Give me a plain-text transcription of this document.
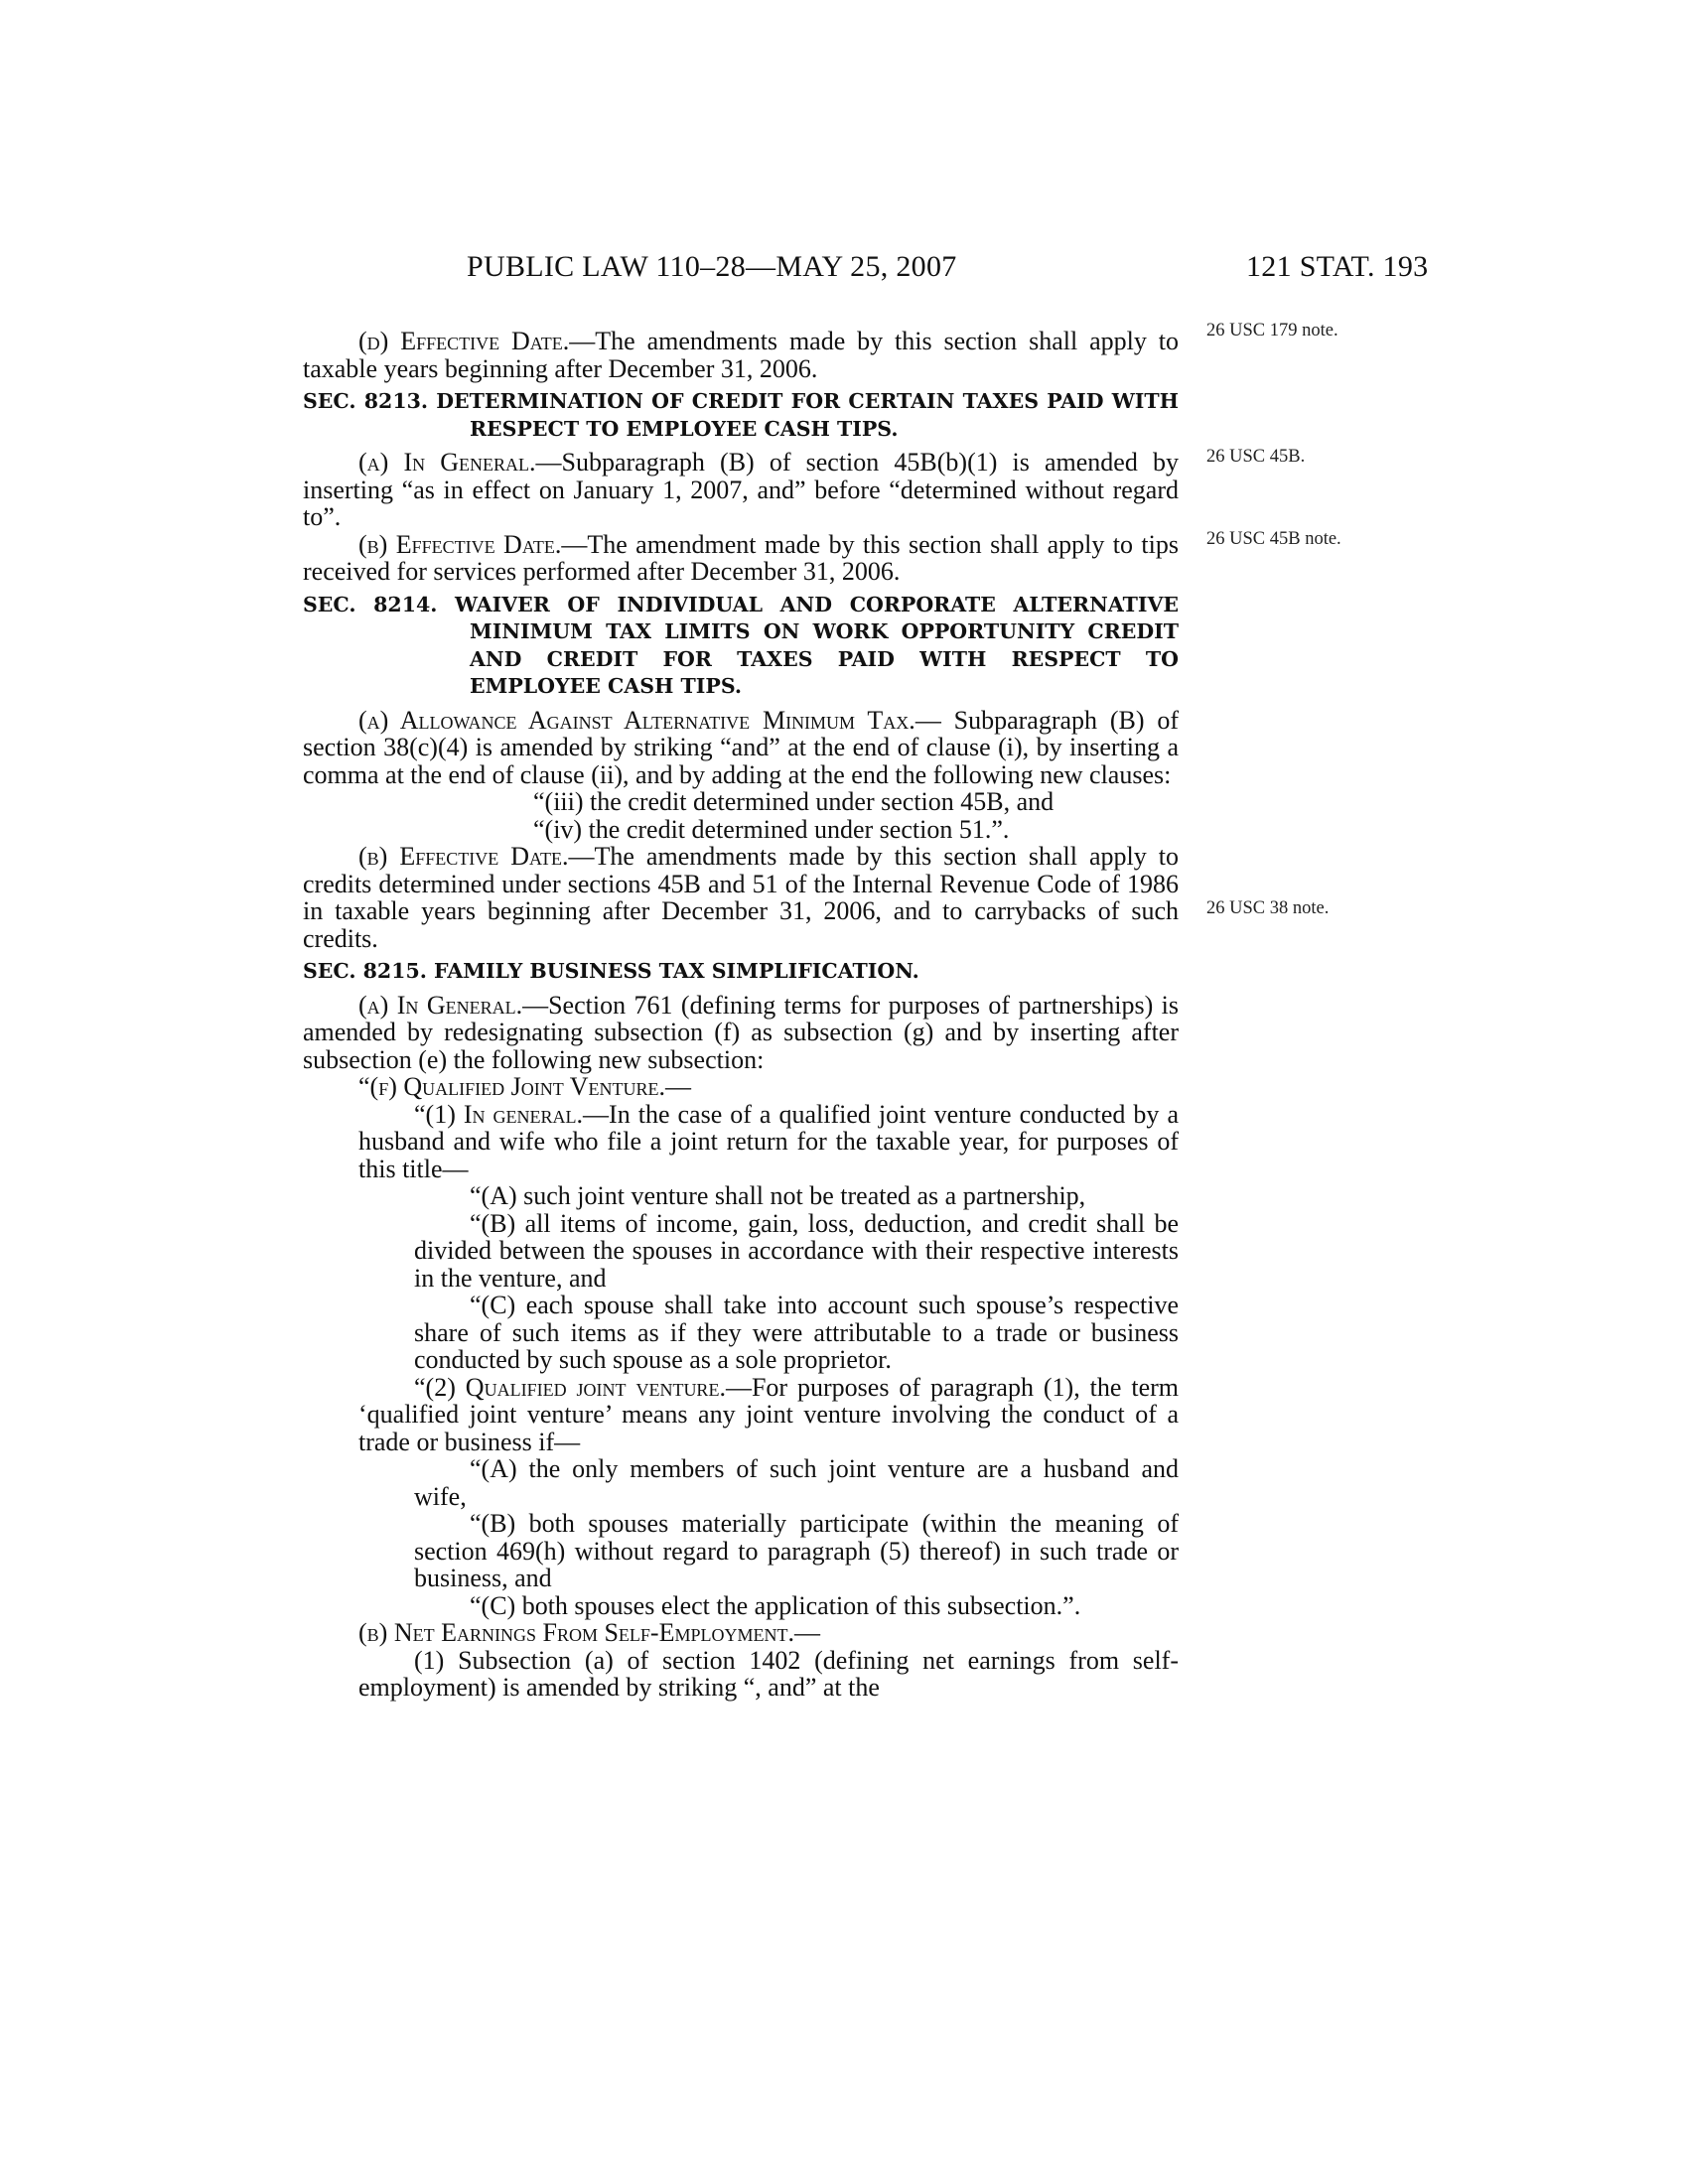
PUBLIC LAW 110–28—MAY 25, 2007	121 STAT. 193
26 USC 179 note.
26 USC 45B.
26 USC 45B note.
26 USC 38 note.

(d) Effective Date.—The amendments made by this section shall apply to taxable years beginning after December 31, 2006.

SEC. 8213. DETERMINATION OF CREDIT FOR CERTAIN TAXES PAID WITH RESPECT TO EMPLOYEE CASH TIPS.

(a) In General.—Subparagraph (B) of section 45B(b)(1) is amended by inserting “as in effect on January 1, 2007, and” before “determined without regard to”.

(b) Effective Date.—The amendment made by this section shall apply to tips received for services performed after December 31, 2006.

SEC. 8214. WAIVER OF INDIVIDUAL AND CORPORATE ALTERNATIVE MINIMUM TAX LIMITS ON WORK OPPORTUNITY CREDIT AND CREDIT FOR TAXES PAID WITH RESPECT TO EMPLOYEE CASH TIPS.

(a) Allowance Against Alternative Minimum Tax.— Subparagraph (B) of section 38(c)(4) is amended by striking “and” at the end of clause (i), by inserting a comma at the end of clause (ii), and by adding at the end the following new clauses:

“(iii) the credit determined under section 45B, and

“(iv) the credit determined under section 51.”.

(b) Effective Date.—The amendments made by this section shall apply to credits determined under sections 45B and 51 of the Internal Revenue Code of 1986 in taxable years beginning after December 31, 2006, and to carrybacks of such credits.

SEC. 8215. FAMILY BUSINESS TAX SIMPLIFICATION.

(a) In General.—Section 761 (defining terms for purposes of partnerships) is amended by redesignating subsection (f) as subsection (g) and by inserting after subsection (e) the following new subsection:

“(f) Qualified Joint Venture.—

“(1) In general.—In the case of a qualified joint venture conducted by a husband and wife who file a joint return for the taxable year, for purposes of this title—

“(A) such joint venture shall not be treated as a partnership,

“(B) all items of income, gain, loss, deduction, and credit shall be divided between the spouses in accordance with their respective interests in the venture, and

“(C) each spouse shall take into account such spouse’s respective share of such items as if they were attributable to a trade or business conducted by such spouse as a sole proprietor.

“(2) Qualified joint venture.—For purposes of paragraph (1), the term ‘qualified joint venture’ means any joint venture involving the conduct of a trade or business if—

“(A) the only members of such joint venture are a husband and wife,

“(B) both spouses materially participate (within the meaning of section 469(h) without regard to paragraph (5) thereof) in such trade or business, and

“(C) both spouses elect the application of this subsection.”.

(b) Net Earnings From Self-Employment.—

(1) Subsection (a) of section 1402 (defining net earnings from self-employment) is amended by striking “, and” at the
